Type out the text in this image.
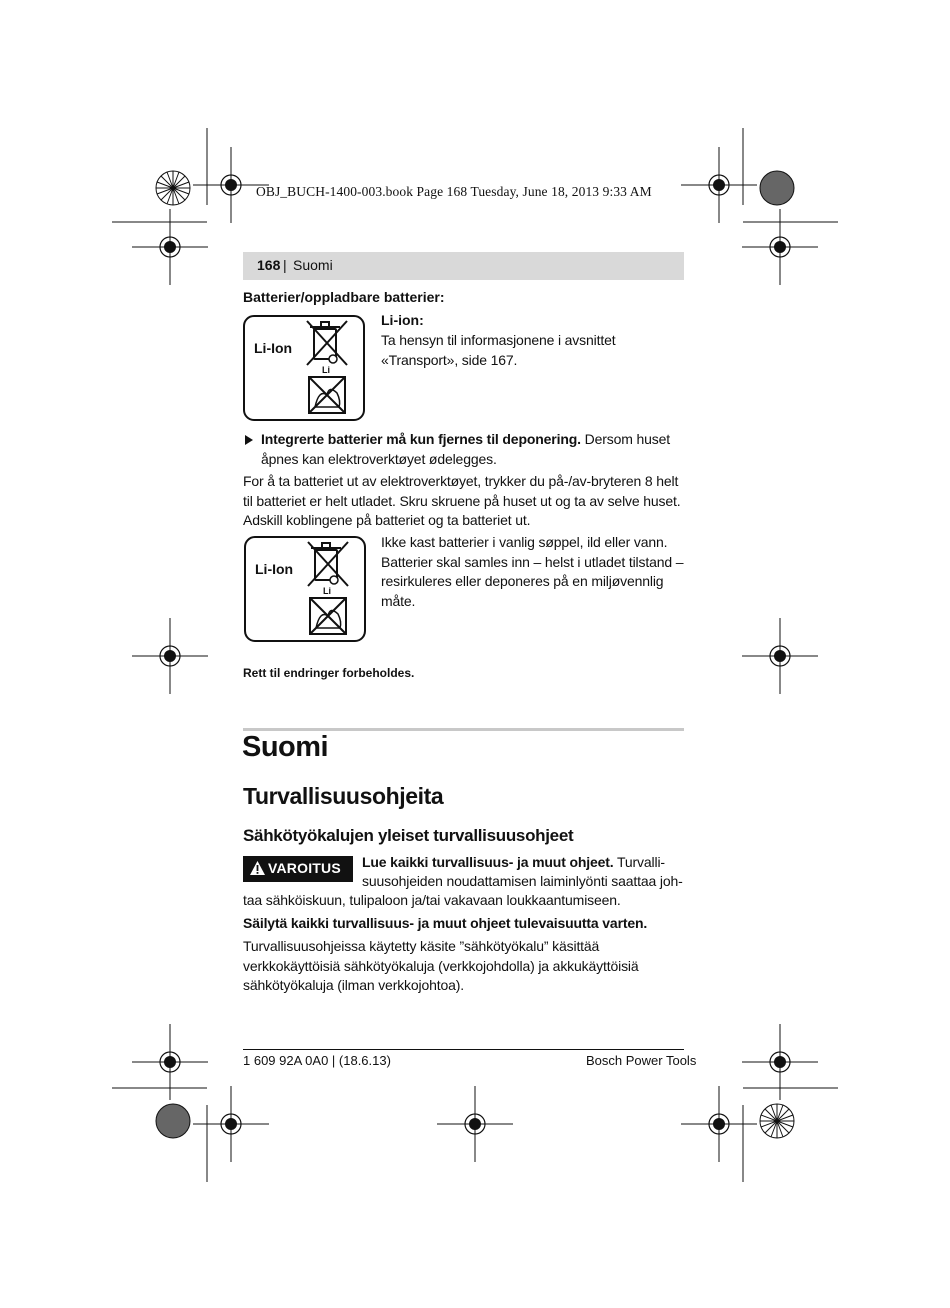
OBJ_BUCH-1400-003.book Page 168 Tuesday, June 18, 2013 9:33 AM
168 | Suomi
Batterier/oppladbare batterier:
Li-Ion
Li
Li-ion:
Ta hensyn til informasjonene i avsnittet «Transport», side 167.
Integrerte batterier må kun fjernes til deponering. Dersom huset åpnes kan elektroverktøyet ødelegges.
For å ta batteriet ut av elektroverktøyet, trykker du på-/av-bryteren 8 helt til batteriet er helt utladet. Skru skruene på huset ut og ta av selve huset. Adskill koblingene på batteriet og ta batteriet ut.
Li-Ion
Li
Ikke kast batterier i vanlig søppel, ild eller vann. Batterier skal samles inn – helst i utladet tilstand – resirkuleres eller deponeres på en miljøvennlig måte.
Rett til endringer forbeholdes.
Suomi
Turvallisuusohjeita
Sähkötyökalujen yleiset turvallisuusohjeet
VAROITUS Lue kaikki turvallisuus- ja muut ohjeet. Turvalli-
suusohjeiden noudattamisen laiminlyönti saattaa joh-
taa sähköiskuun, tulipaloon ja/tai vakavaan loukkaantumiseen.
Säilytä kaikki turvallisuus- ja muut ohjeet tulevaisuutta varten.
Turvallisuusohjeissa käytetty käsite ”sähkötyökalu” käsittää verkkokäyttöisiä sähkötyökaluja (verkkojohdolla) ja akkukäyttöisiä sähkötyökaluja (ilman verkkojohtoa).
1 609 92A 0A0 | (18.6.13)	Bosch Power Tools
